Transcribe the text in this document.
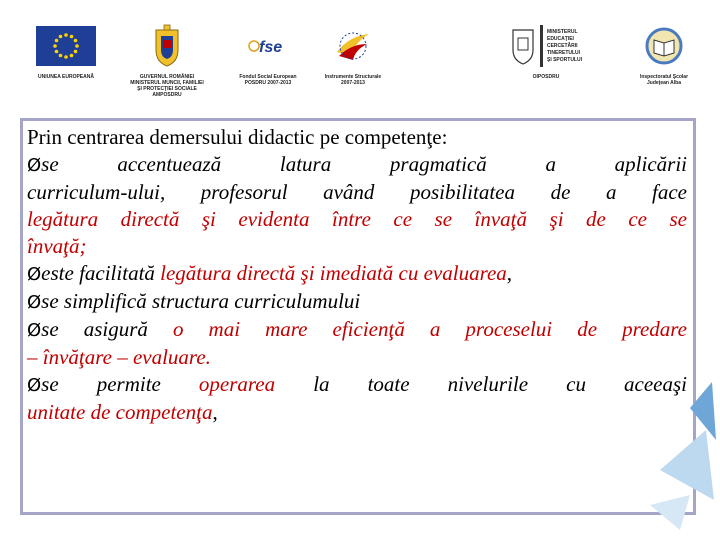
UNIUNEA EUROPEANĂ	GUVERNUL ROMÂNIEI
MINISTERUL MUNCII, FAMILIEI
ŞI PROTECŢIEI SOCIALE
AMPOSDRU
fse
Fondul Social European
POSDRU 2007-2013
Instrumente Structurale
2007-2013
MINISTERUL
EDUCAŢIEI
CERCETĂRII
TINERETULUI
ŞI SPORTULUI
OIPOSDRU	Inspectoratul Şcolar
Judeţean Alba

Prin centrarea demersului didactic pe competenţe:

Øse accentuează latura pragmatică a aplicării

curriculum-ului, profesorul având posibilitatea de a face

legătura directă şi evidenta între ce se învaţă şi de ce se

învaţă;

Øeste facilitată legătura directă şi imediată cu evaluarea,

Øse simplifică structura curriculumului

Øse asigură o mai mare eficienţă a proceselui de predare

– învăţare – evaluare.

Øse permite operarea la toate nivelurile cu aceeaşi

unitate de competenţa,
